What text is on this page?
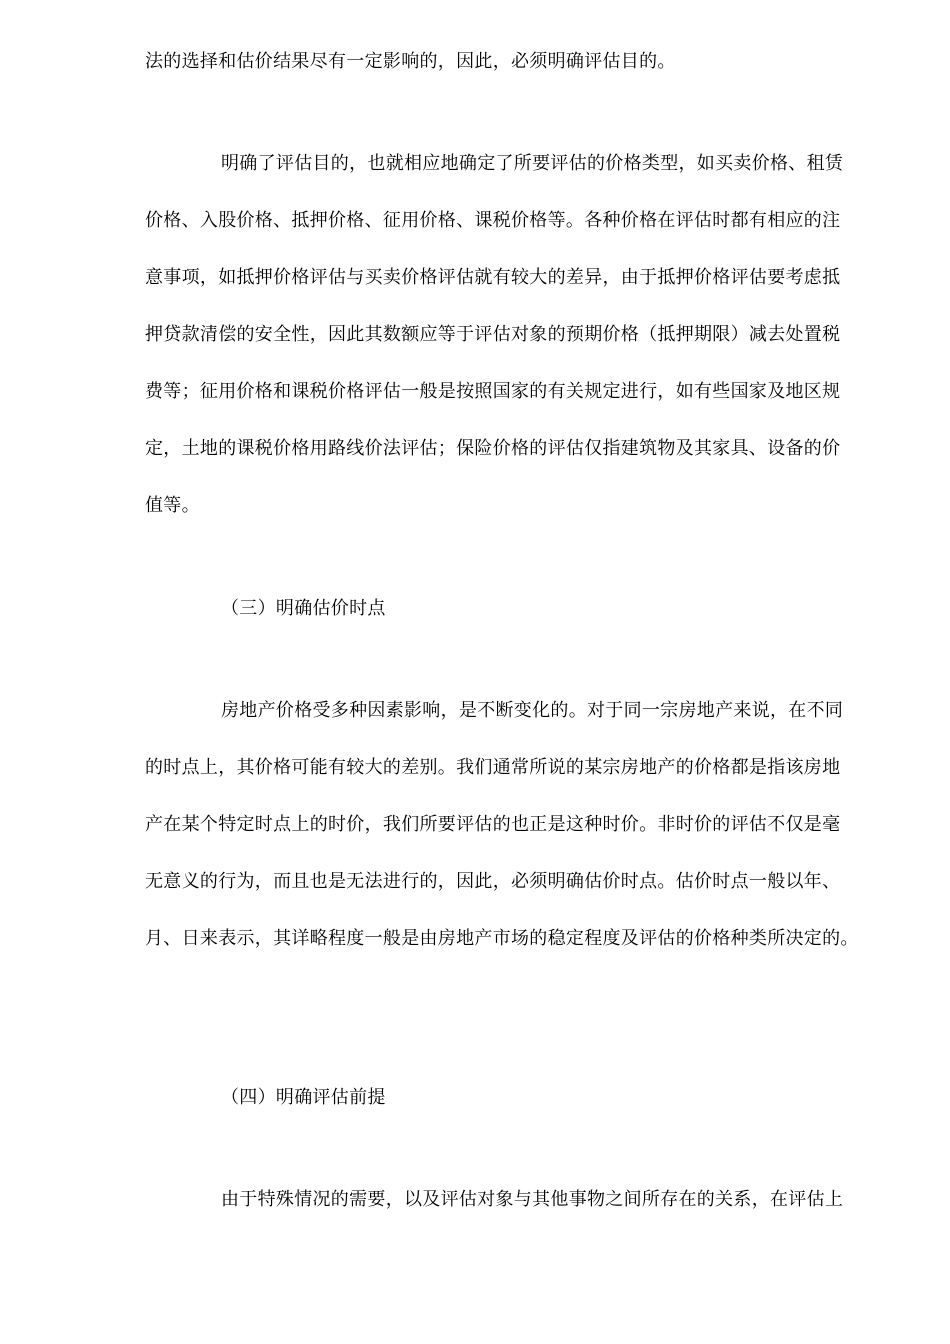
法的选择和估价结果尽有一定影响的，因此，必须明确评估目的。
明确了评估目的，也就相应地确定了所要评估的价格类型，如买卖价格、租赁
价格、入股价格、抵押价格、征用价格、课税价格等。各种价格在评估时都有相应的注
意事项，如抵押价格评估与买卖价格评估就有较大的差异，由于抵押价格评估要考虑抵
押贷款清偿的安全性，因此其数额应等于评估对象的预期价格（抵押期限）减去处置税
费等；征用价格和课税价格评估一般是按照国家的有关规定进行，如有些国家及地区规
定，土地的课税价格用路线价法评估；保险价格的评估仅指建筑物及其家具、设备的价
值等。
（三）明确估价时点
房地产价格受多种因素影响，是不断变化的。对于同一宗房地产来说，在不同
的时点上，其价格可能有较大的差别。我们通常所说的某宗房地产的价格都是指该房地
产在某个特定时点上的时价，我们所要评估的也正是这种时价。非时价的评估不仅是毫
无意义的行为，而且也是无法进行的，因此，必须明确估价时点。估价时点一般以年、
月、日来表示，其详略程度一般是由房地产市场的稳定程度及评估的价格种类所决定的。
（四）明确评估前提
由于特殊情况的需要，以及评估对象与其他事物之间所存在的关系，在评估上
